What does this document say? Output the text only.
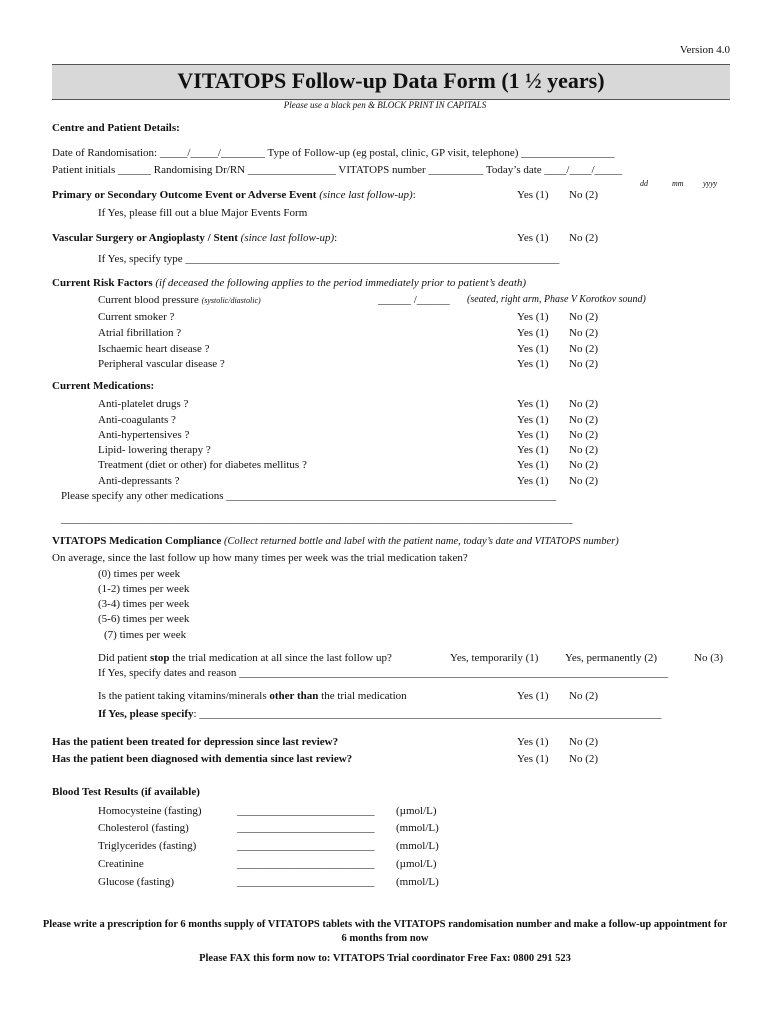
Version 4.0
VITATOPS Follow-up Data Form (1 ½ years)
Please use a black pen & BLOCK PRINT IN CAPITALS
Centre and Patient Details:
Date of Randomisation: _____/_____/________ Type of Follow-up (eg postal, clinic, GP visit, telephone) _________________
Patient initials ______ Randomising Dr/RN ________________ VITATOPS number __________ Today’s date ____/____/_____
dd	mm yyyy
Primary or Secondary Outcome Event or Adverse Event (since last follow-up):	Yes (1) No (2)
If Yes, please fill out a blue Major Events Form
Vascular Surgery or Angioplasty / Stent (since last follow-up):	Yes (1) No (2)
If Yes, specify type ____________________________________________________________________
Current Risk Factors (if deceased the following applies to the period immediately prior to patient’s death)
Current blood pressure (systolic/diastolic)	______ /______ (seated, right arm, Phase V Korotkov sound)
Current smoker ?	Yes (1) No (2)
Atrial fibrillation ?	Yes (1) No (2)
Ischaemic heart disease ?	Yes (1) No (2)
Peripheral vascular disease ?	Yes (1) No (2)
Current Medications:
Anti-platelet drugs ?	Yes (1) No (2)
Anti-coagulants ?	Yes (1) No (2)
Anti-hypertensives ?	Yes (1) No (2)
Lipid- lowering therapy ?	Yes (1) No (2)
Treatment (diet or other) for diabetes mellitus ?	Yes (1) No (2)
Anti-depressants ?	Yes (1) No (2)
Please specify any other medications ____________________________________________________________
_____________________________________________________________________________________________
VITATOPS Medication Compliance (Collect returned bottle and label with the patient name, today’s date and VITATOPS number)
On average, since the last follow up how many times per week was the trial medication taken?
(0) times per week
(1-2) times per week
(3-4) times per week
(5-6) times per week
(7) times per week
Did patient stop the trial medication at all since the last follow up?	Yes, temporarily (1) Yes, permanently (2)	No (3)
If Yes, specify dates and reason ______________________________________________________________________________
Is the patient taking vitamins/minerals other than the trial medication	Yes (1) No (2)
If Yes, please specify: ____________________________________________________________________________________
Has the patient been treated for depression since last review?	Yes (1) No (2)
Has the patient been diagnosed with dementia since last review?	Yes (1) No (2)
Blood Test Results (if available)
Homocysteine (fasting)	_________________________ (µmol/L)
Cholesterol (fasting)	_________________________ (mmol/L)
Triglycerides (fasting)	_________________________ (mmol/L)
Creatinine	_________________________ (µmol/L)
Glucose (fasting)	_________________________ (mmol/L)
Please write a prescription for 6 months supply of VITATOPS tablets with the VITATOPS randomisation number and make a follow-up appointment for 6 months from now
Please FAX this form now to: VITATOPS Trial coordinator Free Fax: 0800 291 523
